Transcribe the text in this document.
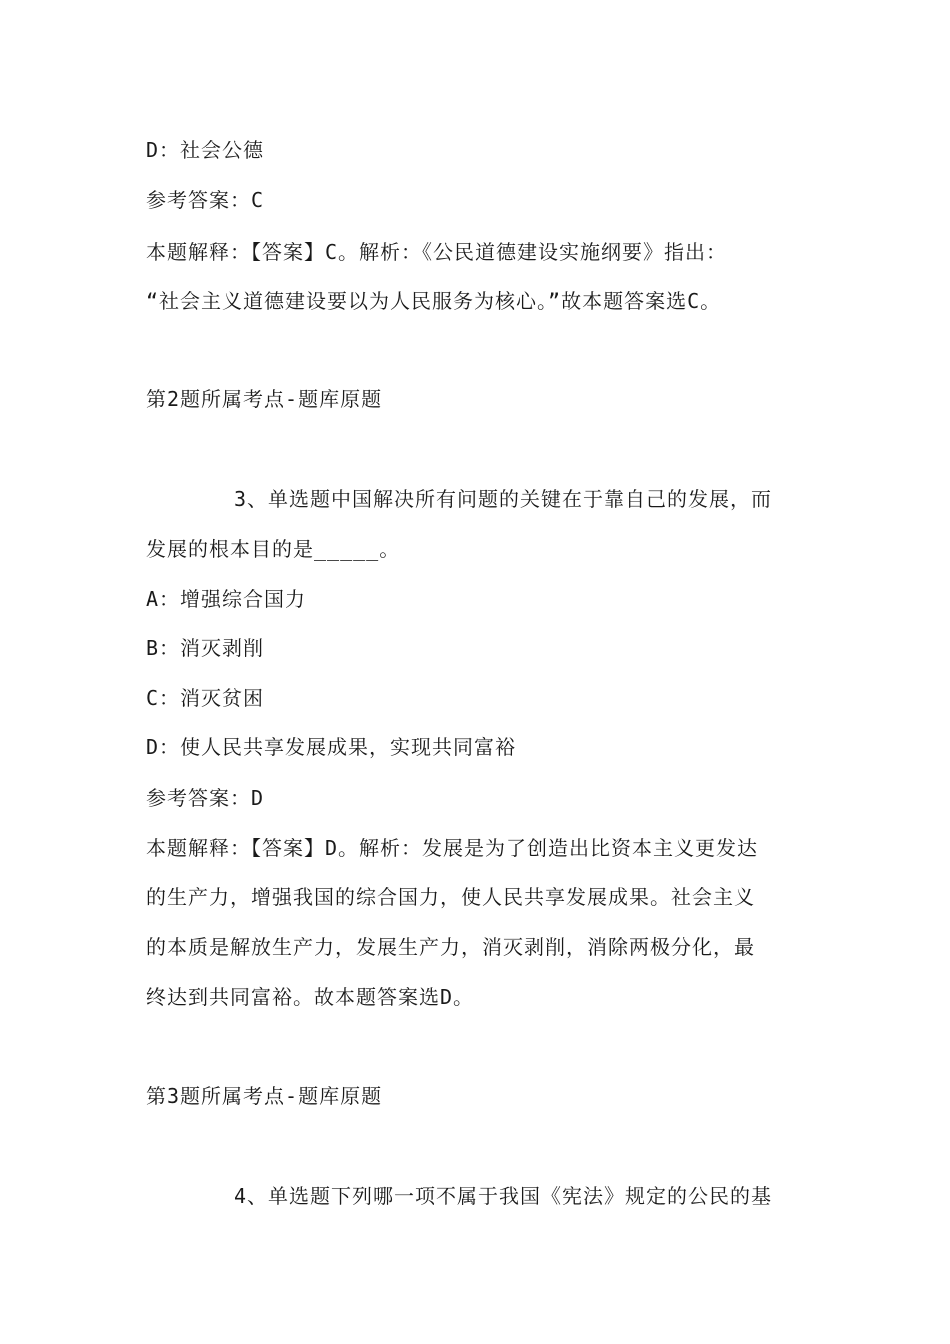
D：社会公德
参考答案：C
本题解释：【答案】C。解析：《公民道德建设实施纲要》指出：
“社会主义道德建设要以为人民服务为核心。”故本题答案选C。
第2题所属考点-题库原题
3、单选题中国解决所有问题的关键在于靠自己的发展，而
发展的根本目的是_____。
A：增强综合国力
B：消灭剥削
C：消灭贫困
D：使人民共享发展成果，实现共同富裕
参考答案：D
本题解释：【答案】D。解析：发展是为了创造出比资本主义更发达
的生产力，增强我国的综合国力，使人民共享发展成果。社会主义
的本质是解放生产力，发展生产力，消灭剥削，消除两极分化，最
终达到共同富裕。故本题答案选D。
第3题所属考点-题库原题
4、单选题下列哪一项不属于我国《宪法》规定的公民的基
